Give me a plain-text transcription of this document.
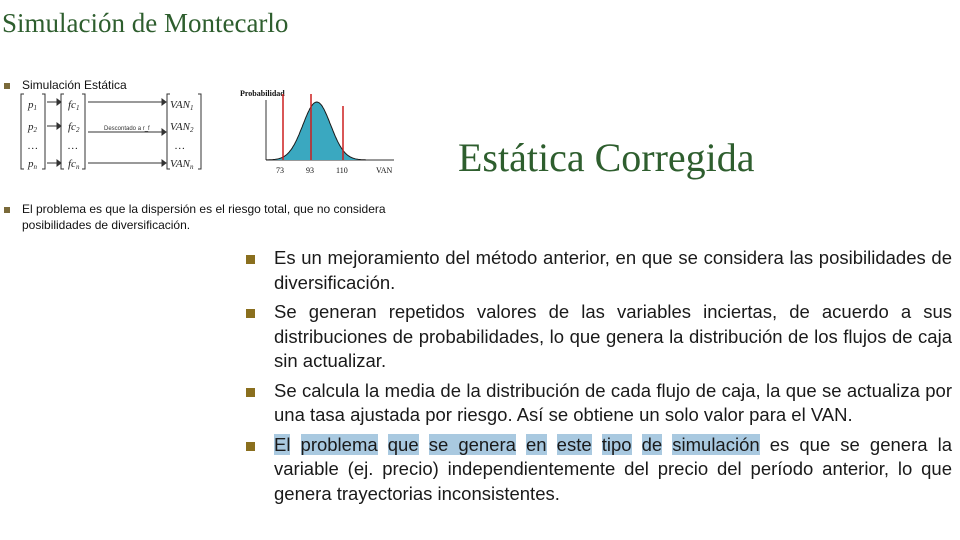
Simulación de Montecarlo
Simulación Estática
p1
p2
…
pn
fc1
fc2
…
fcn
VAN1
VAN2
…
VANn
Descontado a r_f
Probabilidad
73	93	110	VAN Estática Corregida
El problema es que la dispersión es el riesgo total, que no considera
posibilidades de diversificación.
Es un mejoramiento del método anterior, en que se considera las posibilidades de diversificación.
Se generan repetidos valores de las variables inciertas, de acuerdo a sus distribuciones de probabilidades, lo que genera la distribución de los flujos de caja sin actualizar.
Se calcula la media de la distribución de cada flujo de caja, la que se actualiza por una tasa ajustada por riesgo. Así se obtiene un solo valor para el VAN.
El problema que se genera en este tipo de simulación es que se genera la variable (ej. precio) independientemente del precio del período anterior, lo que genera trayectorias inconsistentes.
